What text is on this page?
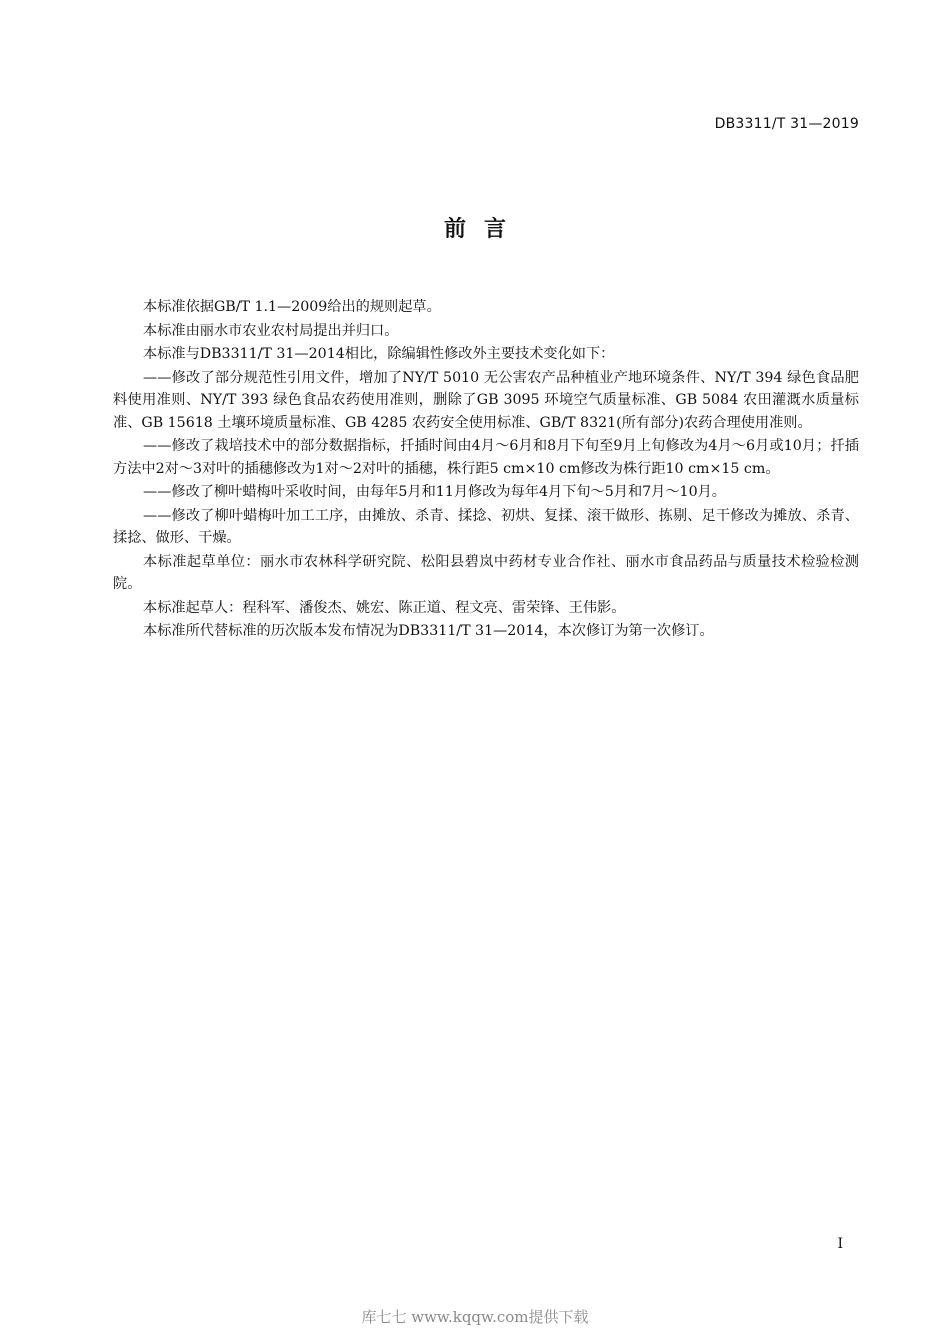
DB3311/T 31—2019
前言

本标准依据GB/T 1.1—2009给出的规则起草。

本标准由丽水市农业农村局提出并归口。

本标准与DB3311/T 31—2014相比，除编辑性修改外主要技术变化如下：

——修改了部分规范性引用文件，增加了NY/T 5010 无公害农产品种植业产地环境条件、NY/T 394 绿色食品肥料使用准则、NY/T 393 绿色食品农药使用准则，删除了GB 3095 环境空气质量标准、GB 5084 农田灌溉水质量标准、GB 15618 土壤环境质量标准、GB 4285 农药安全使用标准、GB/T 8321(所有部分)农药合理使用准则。

——修改了栽培技术中的部分数据指标，扦插时间由4月～6月和8月下旬至9月上旬修改为4月～6月或10月；扦插方法中2对～3对叶的插穗修改为1对～2对叶的插穗，株行距5 cm×10 cm修改为株行距10 cm×15 cm。

——修改了柳叶蜡梅叶采收时间，由每年5月和11月修改为每年4月下旬～5月和7月～10月。

——修改了柳叶蜡梅叶加工工序，由摊放、杀青、揉捻、初烘、复揉、滚干做形、拣剔、足干修改为摊放、杀青、揉捻、做形、干燥。

本标准起草单位：丽水市农林科学研究院、松阳县碧岚中药材专业合作社、丽水市食品药品与质量技术检验检测院。

本标准起草人：程科军、潘俊杰、姚宏、陈正道、程文亮、雷荣锋、王伟影。

本标准所代替标准的历次版本发布情况为DB3311/T 31—2014，本次修订为第一次修订。

I
库七七 www.kqqw.com提供下载
